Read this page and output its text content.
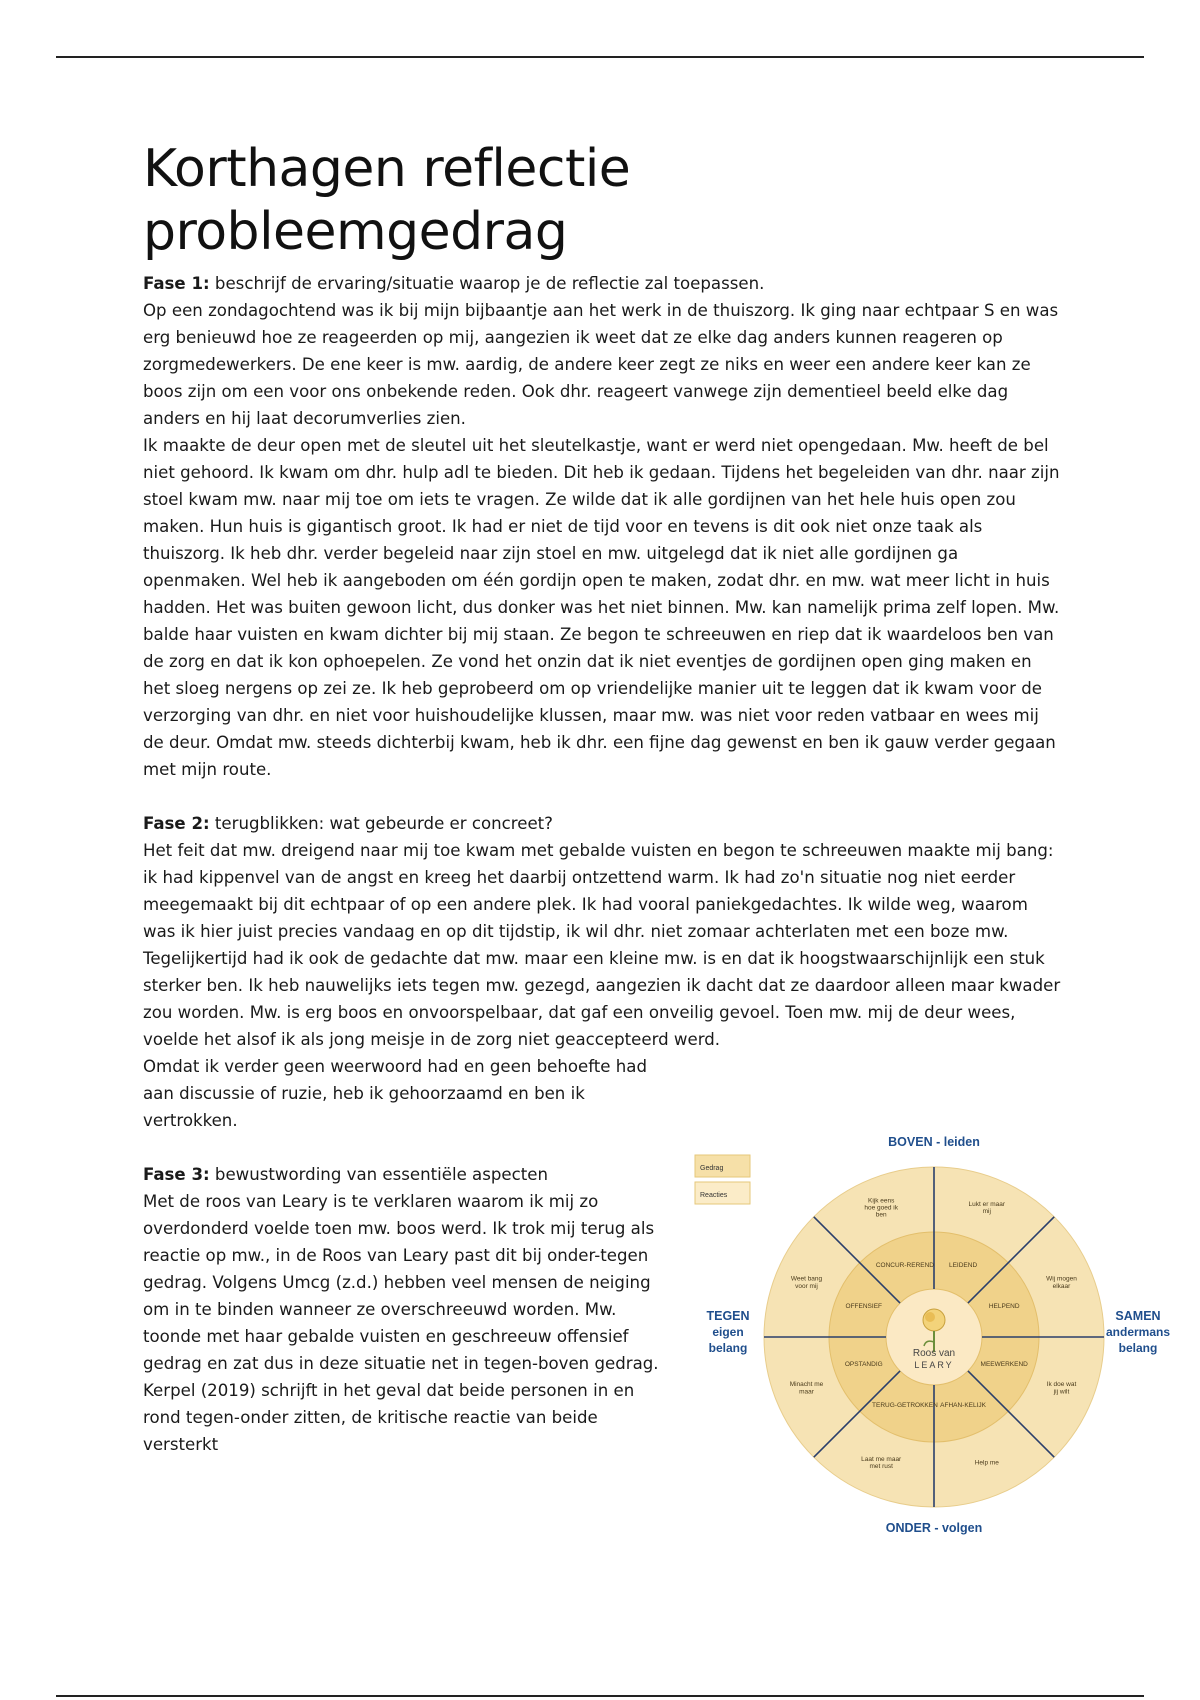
Korthagen reflectie probleemgedrag

Fase 1: beschrijf de ervaring/situatie waarop je de reflectie zal toepassen.

Op een zondagochtend was ik bij mijn bijbaantje aan het werk in de thuiszorg. Ik ging naar echtpaar S en was erg benieuwd hoe ze reageerden op mij, aangezien ik weet dat ze elke dag anders kunnen reageren op zorgmedewerkers. De ene keer is mw. aardig, de andere keer zegt ze niks en weer een andere keer kan ze boos zijn om een voor ons onbekende reden. Ook dhr. reageert vanwege zijn dementieel beeld elke dag anders en hij laat decorumverlies zien.

Ik maakte de deur open met de sleutel uit het sleutelkastje, want er werd niet opengedaan. Mw. heeft de bel niet gehoord. Ik kwam om dhr. hulp adl te bieden. Dit heb ik gedaan. Tijdens het begeleiden van dhr. naar zijn stoel kwam mw. naar mij toe om iets te vragen. Ze wilde dat ik alle gordijnen van het hele huis open zou maken. Hun huis is gigantisch groot. Ik had er niet de tijd voor en tevens is dit ook niet onze taak als thuiszorg. Ik heb dhr. verder begeleid naar zijn stoel en mw. uitgelegd dat ik niet alle gordijnen ga openmaken. Wel heb ik aangeboden om één gordijn open te maken, zodat dhr. en mw. wat meer licht in huis hadden. Het was buiten gewoon licht, dus donker was het niet binnen. Mw. kan namelijk prima zelf lopen. Mw. balde haar vuisten en kwam dichter bij mij staan. Ze begon te schreeuwen en riep dat ik waardeloos ben van de zorg en dat ik kon ophoepelen. Ze vond het onzin dat ik niet eventjes de gordijnen open ging maken en het sloeg nergens op zei ze. Ik heb geprobeerd om op vriendelijke manier uit te leggen dat ik kwam voor de verzorging van dhr. en niet voor huishoudelijke klussen, maar mw. was niet voor reden vatbaar en wees mij de deur. Omdat mw. steeds dichterbij kwam, heb ik dhr. een fijne dag gewenst en ben ik gauw verder gegaan met mijn route.

Fase 2: terugblikken: wat gebeurde er concreet?

Het feit dat mw. dreigend naar mij toe kwam met gebalde vuisten en begon te schreeuwen maakte mij bang: ik had kippenvel van de angst en kreeg het daarbij ontzettend warm. Ik had zo'n situatie nog niet eerder meegemaakt bij dit echtpaar of op een andere plek. Ik had vooral paniekgedachtes. Ik wilde weg, waarom was ik hier juist precies vandaag en op dit tijdstip, ik wil dhr. niet zomaar achterlaten met een boze mw.

Tegelijkertijd had ik ook de gedachte dat mw. maar een kleine mw. is en dat ik hoogstwaarschijnlijk een stuk sterker ben. Ik heb nauwelijks iets tegen mw. gezegd, aangezien ik dacht dat ze daardoor alleen maar kwader zou worden. Mw. is erg boos en onvoorspelbaar, dat gaf een onveilig gevoel. Toen mw. mij de deur wees, voelde het alsof ik als jong meisje in de zorg niet geaccepteerd werd.

Omdat ik verder geen weerwoord had en geen behoefte had aan discussie of ruzie, heb ik gehoorzaamd en ben ik vertrokken.

Fase 3: bewustwording van essentiële aspecten

Met de roos van Leary is te verklaren waarom ik mij zo overdonderd voelde toen mw. boos werd. Ik trok mij terug als reactie op mw., in de Roos van Leary past dit bij onder-tegen gedrag. Volgens Umcg (z.d.) hebben veel mensen de neiging om in te binden wanneer ze overschreeuwd worden. Mw. toonde met haar gebalde vuisten en geschreeuw offensief gedrag en zat dus in deze situatie net in tegen-boven gedrag. Kerpel (2019) schrijft in het geval dat beide personen in en rond tegen-onder zitten, de kritische reactie van beide versterkt

BOVEN - leiden
ONDER - volgen
TEGEN
eigen
belang
SAMEN
andermans
belang
Gedrag
Reacties
LEIDEND
HELPEND
MEEWERKEND
AFHAN-KELIJK
TERUG-GETROKKEN
OPSTANDIG
OFFENSIEF
CONCUR-REREND
Lukt er maar mij
Wij mogen elkaar
Ik doe wat jij wilt
Help me
Laat me maar met rust
Minacht me maar
Weet bang voor mij
Kijk eens hoe goed ik ben
Roos van
LEARY
